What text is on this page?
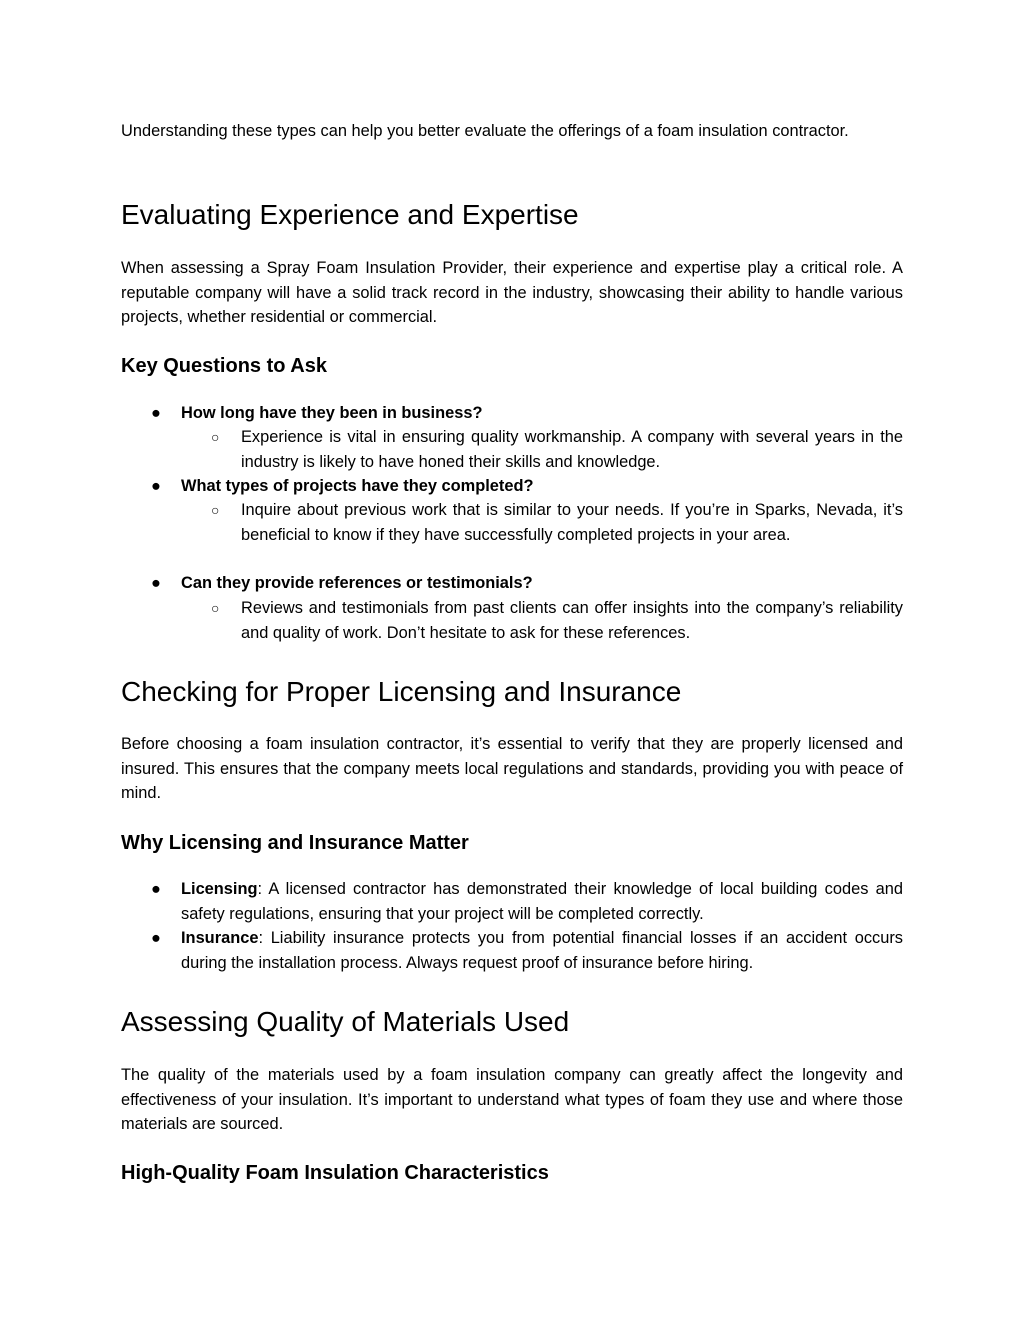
Understanding these types can help you better evaluate the offerings of a foam insulation contractor.

Evaluating Experience and Expertise

When assessing a Spray Foam Insulation Provider, their experience and expertise play a critical role. A reputable company will have a solid track record in the industry, showcasing their ability to handle various projects, whether residential or commercial.

Key Questions to Ask
● How long have they been in business?
○ Experience is vital in ensuring quality workmanship. A company with several years in the industry is likely to have honed their skills and knowledge.
● What types of projects have they completed?
○ Inquire about previous work that is similar to your needs. If you’re in Sparks, Nevada, it’s beneficial to know if they have successfully completed projects in your area.
● Can they provide references or testimonials?
○ Reviews and testimonials from past clients can offer insights into the company’s reliability and quality of work. Don’t hesitate to ask for these references.
Checking for Proper Licensing and Insurance

Before choosing a foam insulation contractor, it’s essential to verify that they are properly licensed and insured. This ensures that the company meets local regulations and standards, providing you with peace of mind.

Why Licensing and Insurance Matter
● Licensing: A licensed contractor has demonstrated their knowledge of local building codes and safety regulations, ensuring that your project will be completed correctly.
● Insurance: Liability insurance protects you from potential financial losses if an accident occurs during the installation process. Always request proof of insurance before hiring.
Assessing Quality of Materials Used

The quality of the materials used by a foam insulation company can greatly affect the longevity and effectiveness of your insulation. It’s important to understand what types of foam they use and where those materials are sourced.

High-Quality Foam Insulation Characteristics
